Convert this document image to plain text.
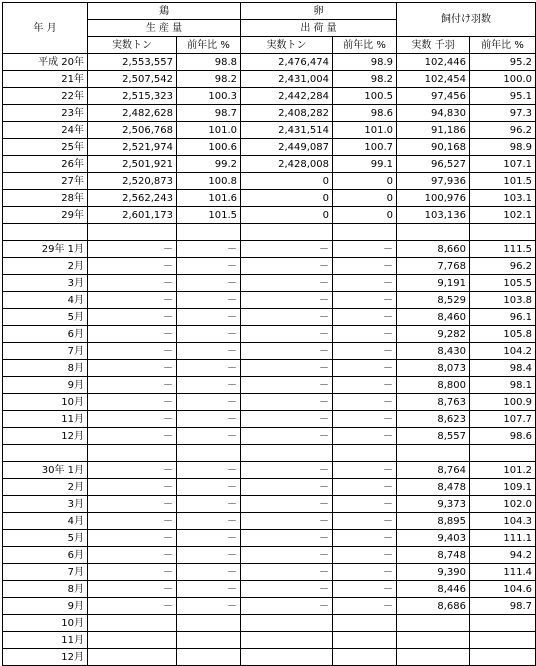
年 月	鶏		卵		飼付け羽数	
	生 産 量		出 荷 量			
	実数トン	前年比 %	実数トン	前年比 %	実数 千羽	前年比 %
平成 20年	2,553,557	98.8	2,476,474	98.9	102,446	95.2
21年	2,507,542	98.2	2,431,004	98.2	102,454	100.0
22年	2,515,323	100.3	2,442,284	100.5	97,456	95.1
23年	2,482,628	98.7	2,408,282	98.6	94,830	97.3
24年	2,506,768	101.0	2,431,514	101.0	91,186	96.2
25年	2,521,974	100.6	2,449,087	100.7	90,168	98.9
26年	2,501,921	99.2	2,428,008	99.1	96,527	107.1
27年	2,520,873	100.8	0	0	97,936	101.5
28年	2,562,243	101.6	0	0	100,976	103.1
29年	2,601,173	101.5	0	0	103,136	102.1

29年 1月	－	－	－	－	8,660	111.5
2月	－	－	－	－	7,768	96.2
3月	－	－	－	－	9,191	105.5
4月	－	－	－	－	8,529	103.8
5月	－	－	－	－	8,460	96.1
6月	－	－	－	－	9,282	105.8
7月	－	－	－	－	8,430	104.2
8月	－	－	－	－	8,073	98.4
9月	－	－	－	－	8,800	98.1
10月	－	－	－	－	8,763	100.9
11月	－	－	－	－	8,623	107.7
12月	－	－	－	－	8,557	98.6

30年 1月	－	－	－	－	8,764	101.2
2月	－	－	－	－	8,478	109.1
3月	－	－	－	－	9,373	102.0
4月	－	－	－	－	8,895	104.3
5月	－	－	－	－	9,403	111.1
6月	－	－	－	－	8,748	94.2
7月	－	－	－	－	9,390	111.4
8月	－	－	－	－	8,446	104.6
9月	－	－	－	－	8,686	98.7
10月						
11月						
12月						
